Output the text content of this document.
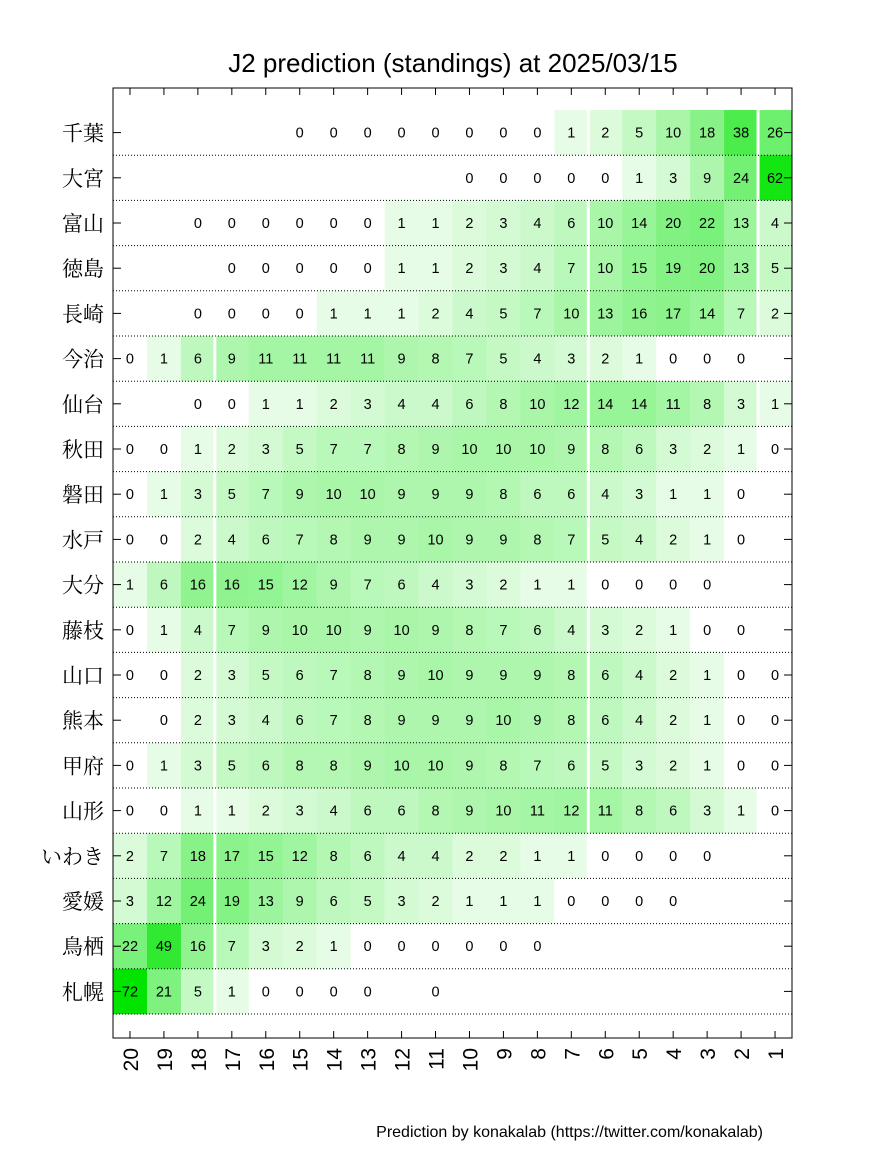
J2 prediction (standings) at 2025/03/15
0 0 0 0 0 0 0 0 1 2 5 10 18 38 26
0 0 0 0 0 1 3 9 24 62
0 0 0 0 0 0 1 1 2 3 4 6 10 14 20 22 13 4
0 0 0 0 0 1 1 2 3 4 7 10 15 19 20 13 5
0 0 0 0 1 1 1 2 4 5 7 10 13 16 17 14 7 2
0 1 6 9 11 11 11 11 9 8 7 5 4 3 2 1 0 0 0
0 0 1 1 2 3 4 4 6 8 10 12 14 14 11 8 3 1
0 0 1 2 3 5 7 7 8 9 10 10 10 9 8 6 3 2 1 0
0 1 3 5 7 9 10 10 9 9 9 8 6 6 4 3 1 1 0
0 0 2 4 6 7 8 9 9 10 9 9 8 7 5 4 2 1 0
1 6 16 16 15 12 9 7 6 4 3 2 1 1 0 0 0 0
0 1 4 7 9 10 10 9 10 9 8 7 6 4 3 2 1 0 0
0 0 2 3 5 6 7 8 9 10 9 9 9 8 6 4 2 1 0 0
0 2 3 4 6 7 8 9 9 9 10 9 8 6 4 2 1 0 0
0 1 3 5 6 8 8 9 10 10 9 8 7 6 5 3 2 1 0 0
0 0 1 1 2 3 4 6 6 8 9 10 11 12 11 8 6 3 1 0
2 7 18 17 15 12 8 6 4 4 2 2 1 1 0 0 0 0
3 12 24 19 13 9 6 5 3 2 1 1 1 0 0 0 0
22 49 16 7 3 2 1 0 0 0 0 0 0
72 21 5 1 0 0 0 0	0
千葉
大宮
富山
徳島
長崎
今治
仙台
秋田
磐田
水戸
大分
藤枝
山口
熊本
甲府
山形
いわき
愛媛
鳥栖
札幌
20 19 18 17 16 15 14 13 12 11 10 9 8 7 6 5 4 3 2 1
Prediction by konakalab (https://twitter.com/konakalab)
